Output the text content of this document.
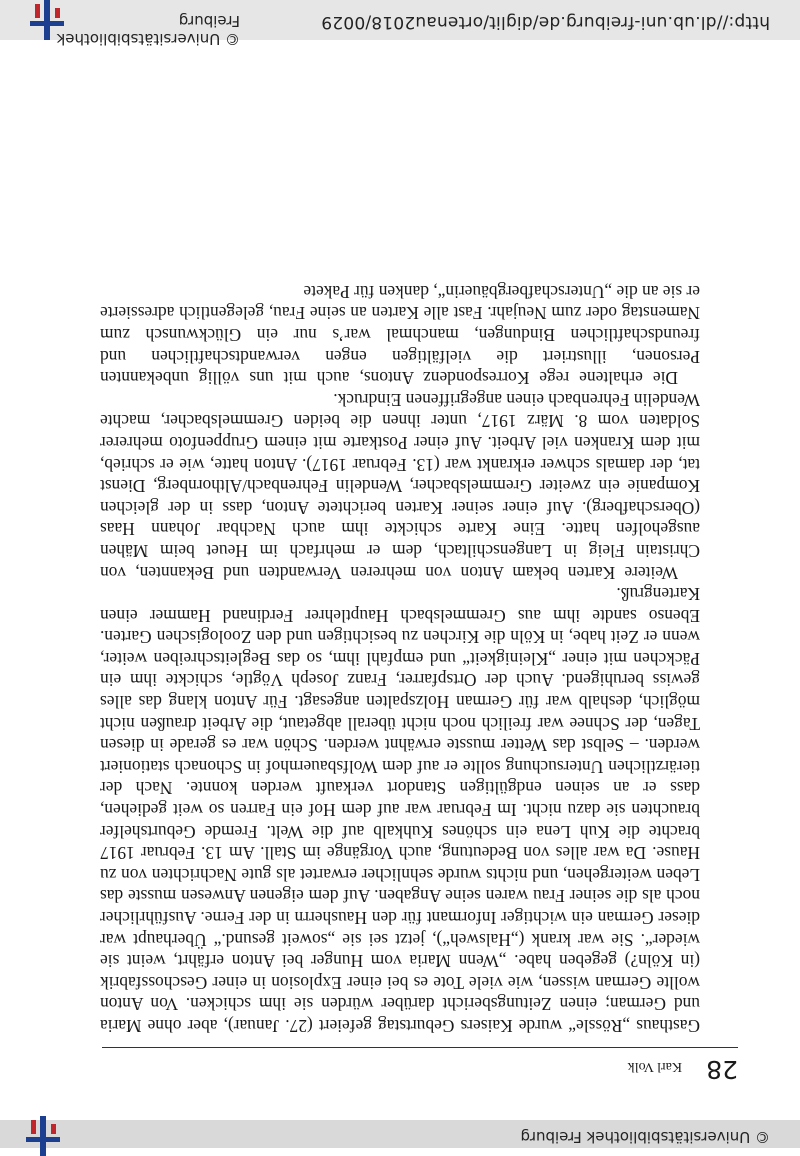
© Universitätsbibliothek Freiburg
28
Karl Volk

Gasthaus „Rössle“ wurde Kaisers Geburtstag gefeiert (27. Januar), aber ohne Maria und German; einen Zeitungsbericht darüber würden sie ihm schicken. Von Anton wollte German wissen, wie viele Tote es bei einer Explosion in einer Geschossfabrik (in Köln?) gegeben habe. „Wenn Maria vom Hunger bei Anton erfährt, weint sie wieder“. Sie war krank („Halsweh“), jetzt sei sie „soweit gesund.“ Überhaupt war dieser German ein wichtiger Informant für den Hausherrn in der Ferne. Ausführlicher noch als die seiner Frau waren seine Angaben. Auf dem eigenen Anwesen musste das Leben weitergehen, und nichts wurde sehnlicher erwartet als gute Nachrichten von zu Hause. Da war alles von Bedeutung, auch Vorgänge im Stall. Am 13. Februar 1917 brachte die Kuh Lena ein schönes Kuhkalb auf die Welt. Fremde Geburtshelfer brauchten sie dazu nicht. Im Februar war auf dem Hof ein Farren so weit gediehen, dass er an seinen endgültigen Standort verkauft werden konnte. Nach der tierärztlichen Untersuchung sollte er auf dem Wolfsbauernhof in Schonach stationiert werden. – Selbst das Wetter musste erwähnt werden. Schön war es gerade in diesen Tagen, der Schnee war freilich noch nicht überall abgetaut, die Arbeit draußen nicht möglich, deshalb war für German Holzspalten angesagt. Für Anton klang das alles gewiss beruhigend. Auch der Ortspfarrer, Franz Joseph Vögtle, schickte ihm ein Päckchen mit einer „Kleinigkeit“ und empfahl ihm, so das Begleitschreiben weiter, wenn er Zeit habe, in Köln die Kirchen zu besichtigen und den Zoologischen Garten. Ebenso sandte ihm aus Gremmelsbach Hauptlehrer Ferdinand Hammer einen Kartengruß.

Weitere Karten bekam Anton von mehreren Verwandten und Bekannten, von Christain Fleig in Langenschiltach, dem er mehrfach im Heuet beim Mähen ausgeholfen hatte. Eine Karte schickte ihm auch Nachbar Johann Haas (Oberschafberg). Auf einer seiner Karten berichtete Anton, dass in der gleichen Kompanie ein zweiter Gremmelsbacher, Wendelin Fehrenbach/Althornberg, Dienst tat, der damals schwer erkrankt war (13. Februar 1917). Anton hatte, wie er schrieb, mit dem Kranken viel Arbeit. Auf einer Postkarte mit einem Gruppenfoto mehrerer Soldaten vom 8. März 1917, unter ihnen die beiden Gremmelsbacher, machte Wendelin Fehrenbach einen angegriffenen Eindruck.

Die erhaltene rege Korrespondenz Antons, auch mit uns völlig unbekannten Personen, illustriert die vielfältigen engen verwandtschaftlichen und freundschaftlichen Bindungen, manchmal war’s nur ein Glückwunsch zum Namenstag oder zum Neujahr. Fast alle Karten an seine Frau, gelegentlich adressierte er sie an die „Unterschafbergbäuerin“, danken für Pakete

http://dl.ub.uni-freiburg.de/diglit/ortenau2018/0029
© Universitätsbibliothek Freiburg
